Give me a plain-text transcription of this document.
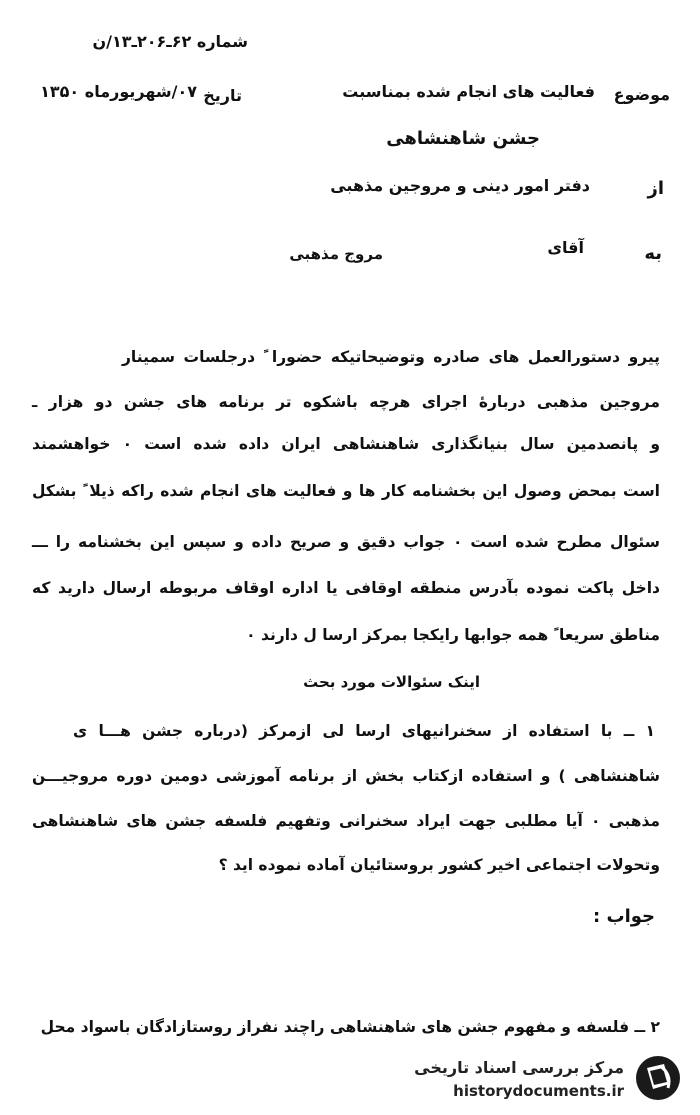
شماره ۶۲ـ۲۰۶ـ۱۳/ن
موضوع
فعالیت های انجام شده بمناسبت
تاریخ
۰۷/شهریورماه ۱۳۵۰
جشن شاهنشاهی
از
دفتر امور دینی و مروجین مذهبی
به
آقای
مروج مذهبی
پیرو دستورالعمل های صادره وتوضیحاتیکه حضورا ً درجلسات سمینار
مروجین مذهبی دربارۀ اجرای هرچه باشکوه تر برنامه های جشن دو هزار ـ
و پانصدمین سال بنیانگذاری شاهنشاهی ایران داده شده است ٠ خواهشمند
است بمحض وصول این بخشنامه کار ها و فعالیت های انجام شده راکه ذیلا ً بشکل
سئوال مطرح شده است ٠ جواب دقیق و صریح داده و سپس این بخشنامه را ـــ
داخل پاکت نموده بآدرس منطقه اوقافی یا اداره اوقاف مربوطه ارسال دارید که
مناطق سریعا ً همه جوابها رایکجا بمرکز ارسا ل دارند ٠
اینک سئوالات مورد بحث
۱ ــ با استفاده از سخنرانیهای ارسا لی ازمرکز (درباره جشن هـــا ی
شاهنشاهی ) و استفاده ازکتاب بخش از برنامه آموزشی دومین دوره مروجیـــن
مذهبی ٠ آیا مطلبی جهت ایراد سخنرانی وتفهیم فلسفه جشن های شاهنشاهی
وتحولات اجتماعی اخیر کشور بروستائیان آماده نموده اید ؟
جواب :
۲ ــ فلسفه و مفهوم جشن های شاهنشاهی راچند نفراز روستازادگان باسواد محل
مرکز بررسی اسناد تاریخی
historydocuments.ir
